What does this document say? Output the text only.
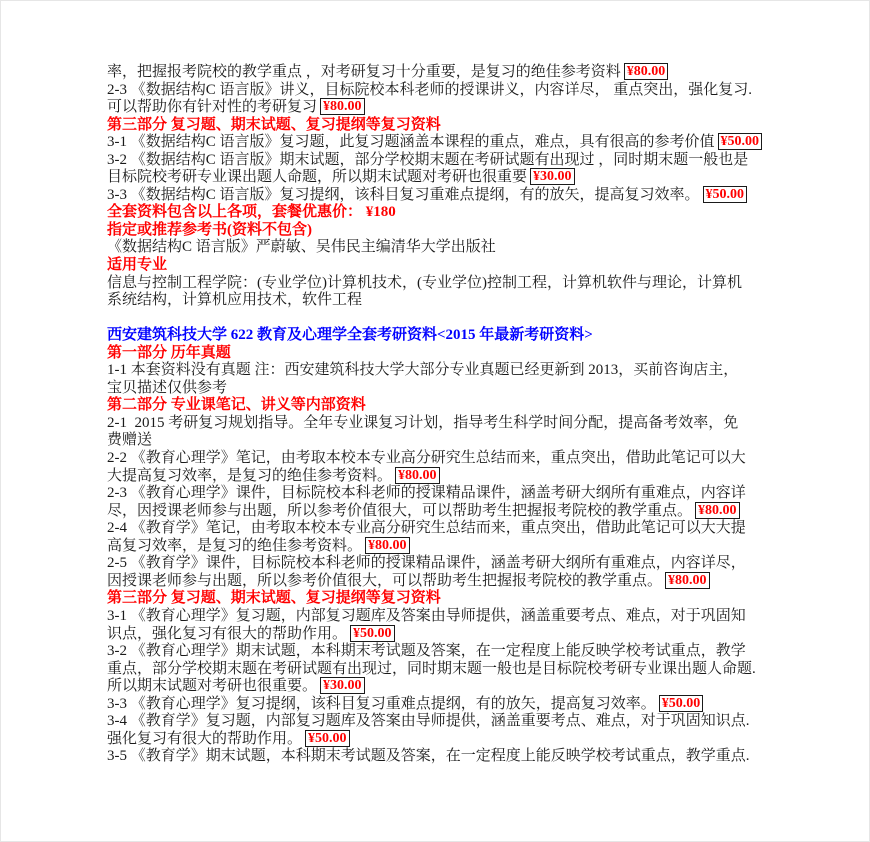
率，把握报考院校的教学重点 ，对考研复习十分重要，是复习的绝佳参考资料 ¥80.00
2-3 《数据结构C 语言版》讲义，目标院校本科老师的授课讲义，内容详尽， 重点突出，强化复习.
可以帮助你有针对性的考研复习 ¥80.00
第三部分 复习题、期末试题、复习提纲等复习资料
3-1 《数据结构C 语言版》复习题，此复习题涵盖本课程的重点，难点，具有很高的参考价值 ¥50.00
3-2 《数据结构C 语言版》期末试题，部分学校期末题在考研试题有出现过 ，同时期末题一般也是
目标院校考研专业课出题人命题，所以期末试题对考研也很重要 ¥30.00
3-3 《数据结构C 语言版》复习提纲，该科目复习重难点提纲，有的放矢，提高复习效率。 ¥50.00
全套资料包含以上各项，套餐优惠价： ¥180
指定或推荐参考书(资料不包含)
《数据结构C 语言版》严蔚敏、吴伟民主编清华大学出版社
适用专业
信息与控制工程学院：(专业学位)计算机技术，(专业学位)控制工程，计算机软件与理论，计算机
系统结构，计算机应用技术，软件工程
西安建筑科技大学 622 教育及心理学全套考研资料<2015 年最新考研资料>
第一部分 历年真题
1-1 本套资料没有真题 注：西安建筑科技大学大部分专业真题已经更新到 2013，买前咨询店主，
宝贝描述仅供参考
第二部分 专业课笔记、讲义等内部资料
2-1  2015 考研复习规划指导。全年专业课复习计划，指导考生科学时间分配，提高备考效率，免
费赠送
2-2 《教育心理学》笔记，由考取本校本专业高分研究生总结而来，重点突出，借助此笔记可以大
大提高复习效率，是复习的绝佳参考资料。 ¥80.00
2-3 《教育心理学》课件，目标院校本科老师的授课精品课件，涵盖考研大纲所有重难点，内容详
尽，因授课老师参与出题，所以参考价值很大，可以帮助考生把握报考院校的教学重点。 ¥80.00
2-4 《教育学》笔记，由考取本校本专业高分研究生总结而来，重点突出，借助此笔记可以大大提
高复习效率，是复习的绝佳参考资料。 ¥80.00
2-5 《教育学》课件，目标院校本科老师的授课精品课件，涵盖考研大纲所有重难点，内容详尽，
因授课老师参与出题，所以参考价值很大，可以帮助考生把握报考院校的教学重点。 ¥80.00
第三部分 复习题、期末试题、复习提纲等复习资料
3-1 《教育心理学》复习题，内部复习题库及答案由导师提供，涵盖重要考点、难点，对于巩固知
识点，强化复习有很大的帮助作用。 ¥50.00
3-2 《教育心理学》期末试题，本科期末考试题及答案，在一定程度上能反映学校考试重点，教学
重点，部分学校期末题在考研试题有出现过，同时期末题一般也是目标院校考研专业课出题人命题.
所以期末试题对考研也很重要。 ¥30.00
3-3 《教育心理学》复习提纲，该科目复习重难点提纲，有的放矢，提高复习效率。 ¥50.00
3-4 《教育学》复习题，内部复习题库及答案由导师提供，涵盖重要考点、难点，对于巩固知识点.
强化复习有很大的帮助作用。 ¥50.00
3-5 《教育学》期末试题，本科期末考试题及答案，在一定程度上能反映学校考试重点，教学重点.
